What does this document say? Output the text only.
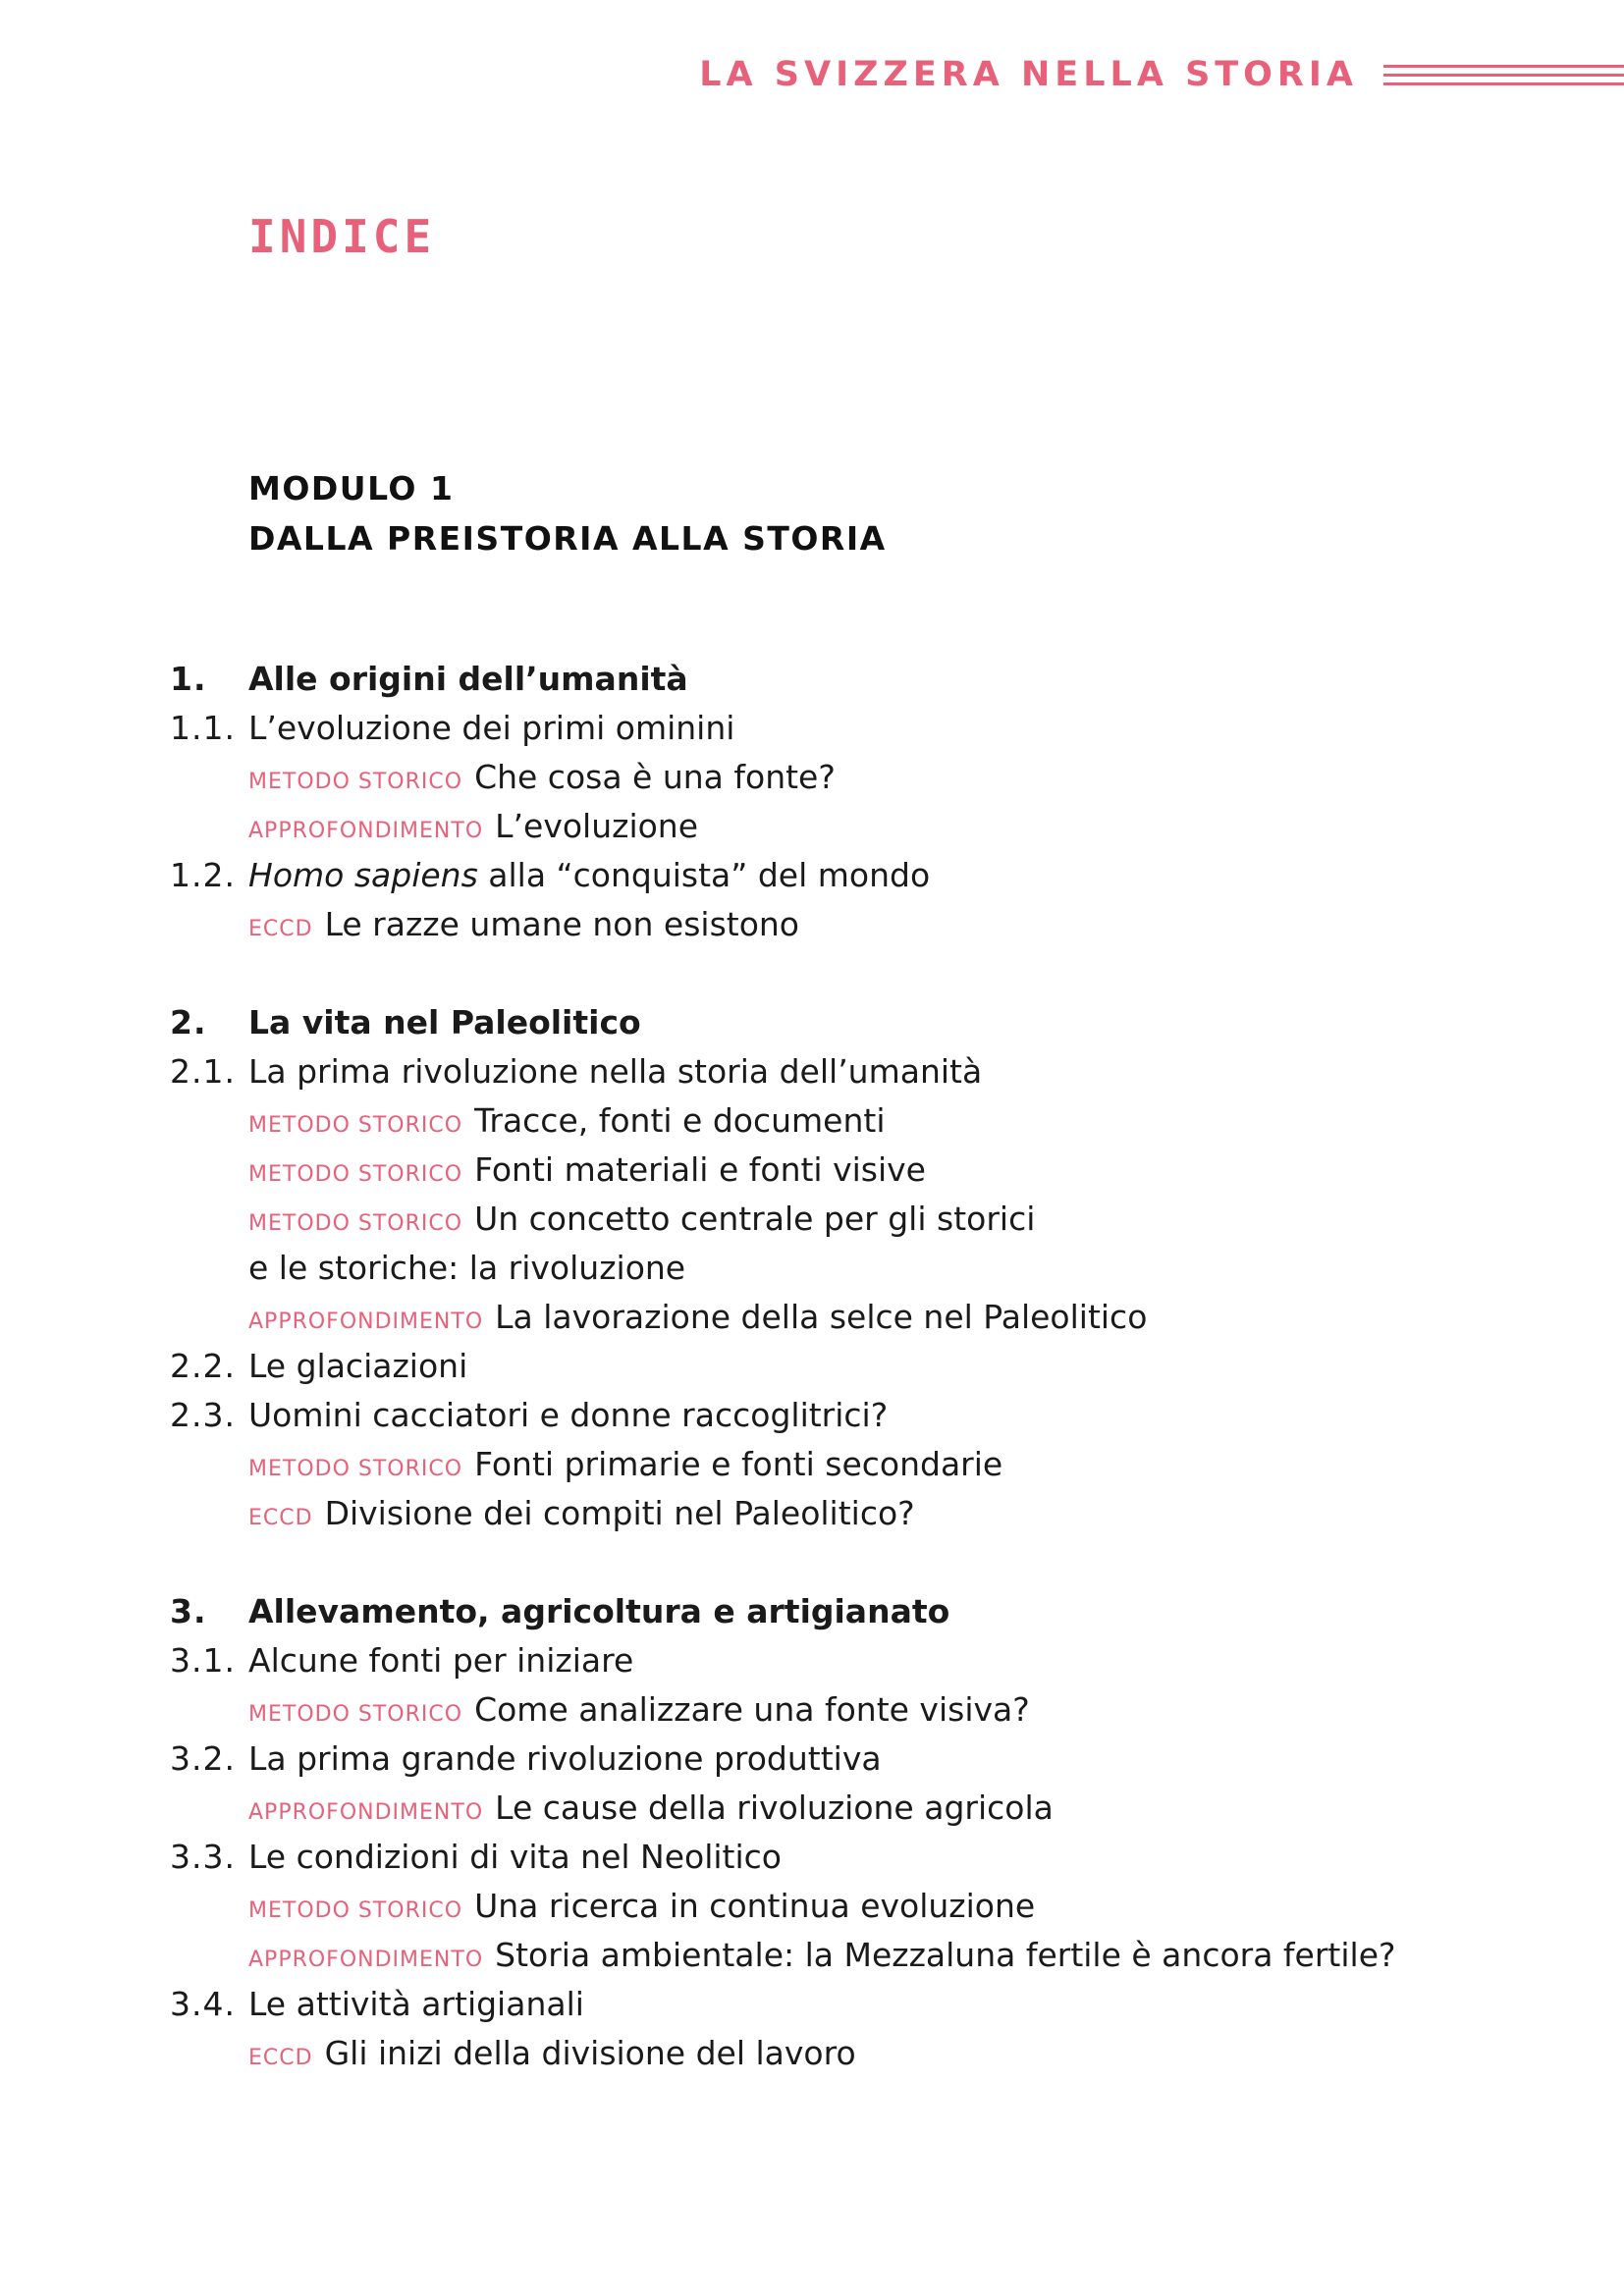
LA SVIZZERA NELLA STORIA
INDICE
MODULO 1
DALLA PREISTORIA ALLA STORIA
1.	Alle origini dell’umanità
1.1. L’evoluzione dei primi ominini
METODO STORICO Che cosa è una fonte?
APPROFONDIMENTO L’evoluzione
1.2. Homo sapiens alla “conquista” del mondo
ECCD Le razze umane non esistono
2.	La vita nel Paleolitico
2.1. La prima rivoluzione nella storia dell’umanità
METODO STORICO Tracce, fonti e documenti
METODO STORICO Fonti materiali e fonti visive
METODO STORICO Un concetto centrale per gli storici
e le storiche: la rivoluzione
APPROFONDIMENTO La lavorazione della selce nel Paleolitico
2.2. Le glaciazioni
2.3. Uomini cacciatori e donne raccoglitrici?
METODO STORICO Fonti primarie e fonti secondarie
ECCD Divisione dei compiti nel Paleolitico?
3.	Allevamento, agricoltura e artigianato
3.1. Alcune fonti per iniziare
METODO STORICO Come analizzare una fonte visiva?
3.2. La prima grande rivoluzione produttiva
APPROFONDIMENTO Le cause della rivoluzione agricola
3.3. Le condizioni di vita nel Neolitico
METODO STORICO Una ricerca in continua evoluzione
APPROFONDIMENTO Storia ambientale: la Mezzaluna fertile è ancora fertile?
3.4. Le attività artigianali
ECCD Gli inizi della divisione del lavoro
